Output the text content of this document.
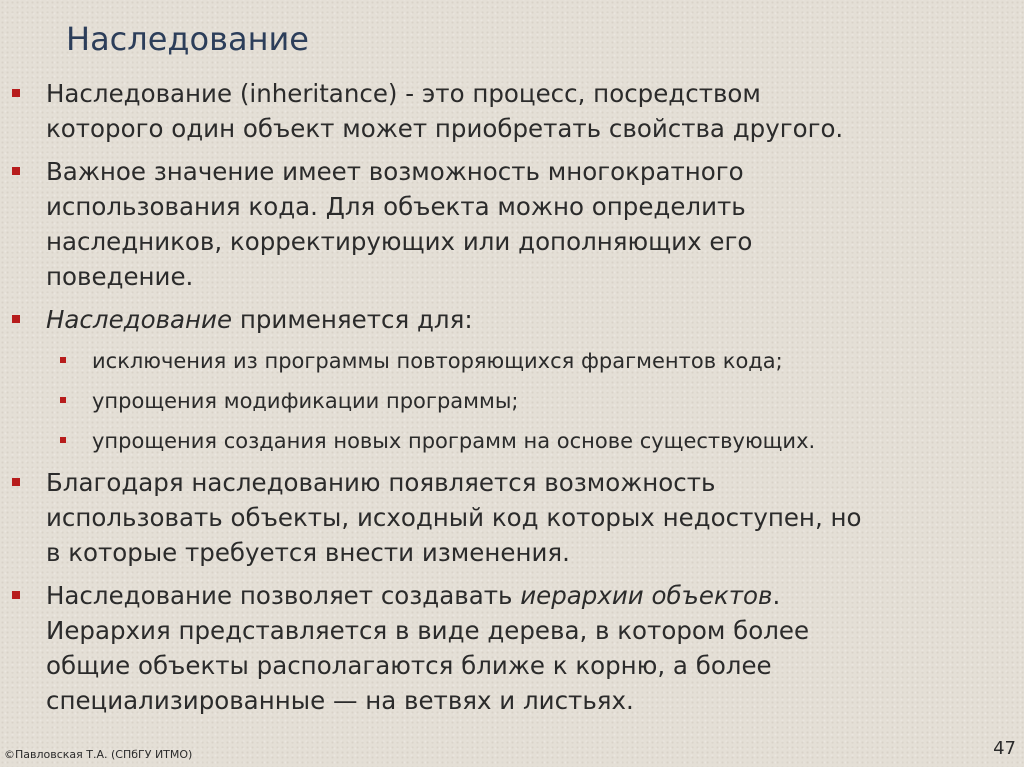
Наследование
Наследование (inheritance) - это процесс, посредством
которого один объект может приобретать свойства другого.
Важное значение имеет возможность многократного
использования кода. Для объекта можно определить
наследников, корректирующих или дополняющих его
поведение.
Наследование применяется для:
исключения из программы повторяющихся фрагментов кода;
упрощения модификации программы;
упрощения создания новых программ на основе существующих.
Благодаря наследованию появляется возможность
использовать объекты, исходный код которых недоступен, но
в которые требуется внести изменения.
Наследование позволяет создавать иерархии объектов.
Иерархия представляется в виде дерева, в котором более
общие объекты располагаются ближе к корню, а более
специализированные — на ветвях и листьях.
©Павловская Т.А. (СПбГУ ИТМО)	47
